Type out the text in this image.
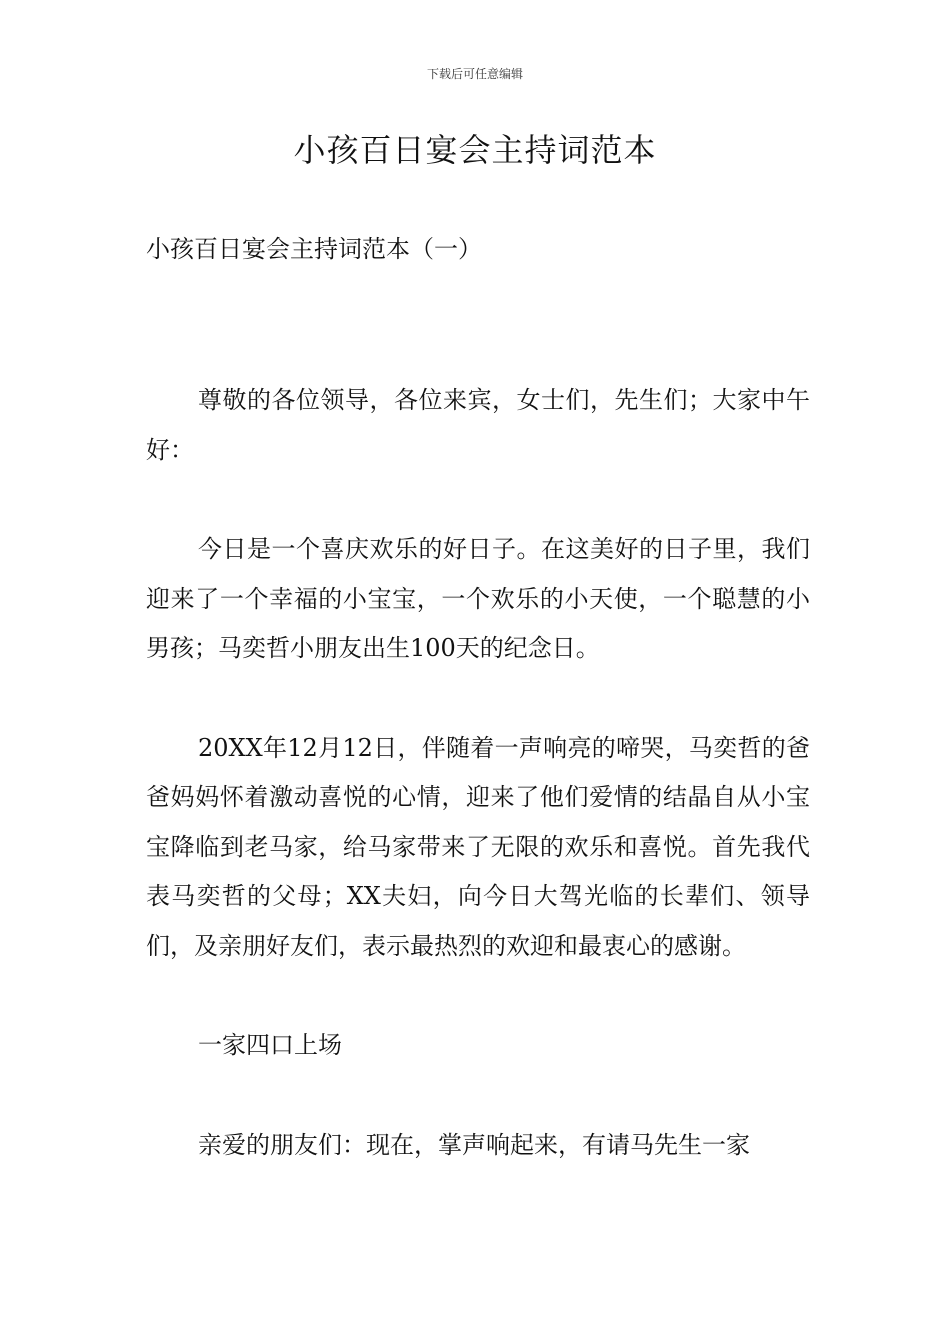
下载后可任意编辑
小孩百日宴会主持词范本
小孩百日宴会主持词范本（一）

尊敬的各位领导，各位来宾，女士们，先生们；大家中午好：

今日是一个喜庆欢乐的好日子。在这美好的日子里，我们迎来了一个幸福的小宝宝，一个欢乐的小天使，一个聪慧的小男孩；马奕哲小朋友出生100天的纪念日。

20XX年12月12日，伴随着一声响亮的啼哭，马奕哲的爸爸妈妈怀着激动喜悦的心情，迎来了他们爱情的结晶自从小宝宝降临到老马家，给马家带来了无限的欢乐和喜悦。首先我代表马奕哲的父母；XX夫妇，向今日大驾光临的长辈们、领导们，及亲朋好友们，表示最热烈的欢迎和最衷心的感谢。

一家四口上场

亲爱的朋友们：现在，掌声响起来，有请马先生一家
